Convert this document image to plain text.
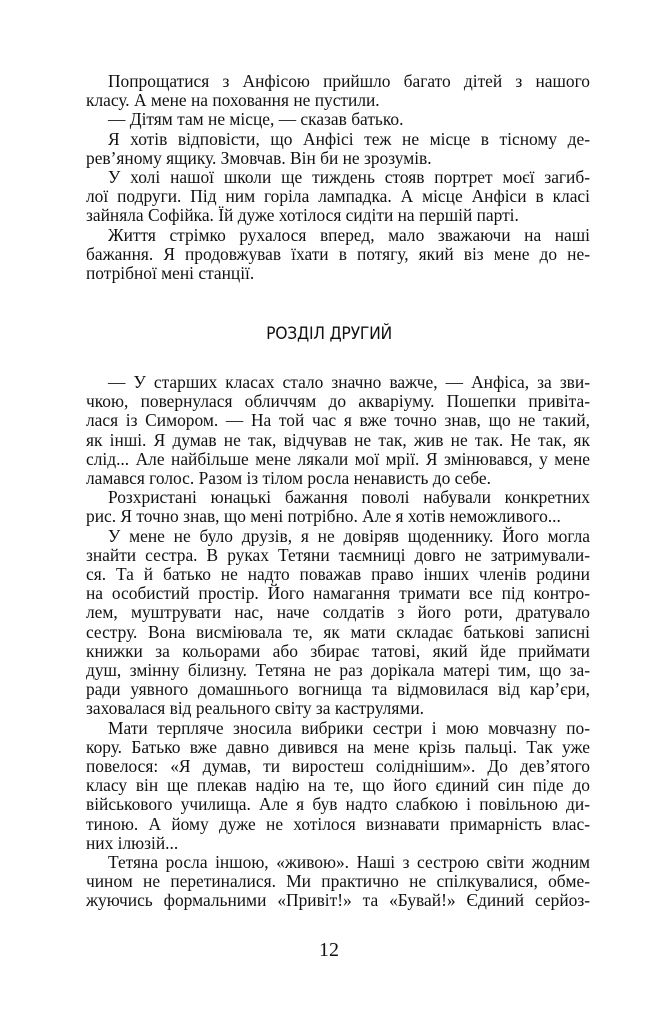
Попрощатися з Анфісою прийшло багато дітей з нашого
класу. А мене на поховання не пустили.
— Дітям там не місце, — сказав батько.
Я хотів відповісти, що Анфісі теж не місце в тісному де-
рев’яному ящику. Змовчав. Він би не зрозумів.
У холі нашої школи ще тиждень стояв портрет моєї загиб-
лої подруги. Під ним горіла лампадка. А місце Анфіси в класі
зайняла Софійка. Їй дуже хотілося сидіти на першій парті.
Життя стрімко рухалося вперед, мало зважаючи на наші
бажання. Я продовжував їхати в потягу, який віз мене до не-
потрібної мені станції.
РОЗДІЛ ДРУГИЙ
— У старших класах стало значно важче, — Анфіса, за зви-
чкою, повернулася обличчям до акваріуму. Пошепки привіта-
лася із Симором. — На той час я вже точно знав, що не такий,
як інші. Я думав не так, відчував не так, жив не так. Не так, як
слід... Але найбільше мене лякали мої мрії. Я змінювався, у мене
ламався голос. Разом із тілом росла ненависть до себе.
Розхристані юнацькі бажання поволі набували конкретних
рис. Я точно знав, що мені потрібно. Але я хотів неможливого...
У мене не було друзів, я не довіряв щоденнику. Його могла
знайти сестра. В руках Тетяни таємниці довго не затримували-
ся. Та й батько не надто поважав право інших членів родини
на особистий простір. Його намагання тримати все під контро-
лем, муштрувати нас, наче солдатів з його роти, дратувало
сестру. Вона висміювала те, як мати складає батькові записні
книжки за кольорами або збирає татові, який йде приймати
душ, змінну білизну. Тетяна не раз дорікала матері тим, що за-
ради уявного домашнього вогнища та відмовилася від кар’єри,
заховалася від реального світу за каструлями.
Мати терпляче зносила вибрики сестри і мою мовчазну по-
кору. Батько вже давно дивився на мене крізь пальці. Так уже
повелося: «Я думав, ти виростеш соліднішим». До дев’ятого
класу він ще плекав надію на те, що його єдиний син піде до
військового училища. Але я був надто слабкою і повільною ди-
тиною. А йому дуже не хотілося визнавати примарність влас-
них ілюзій...
Тетяна росла іншою, «живою». Наші з сестрою світи жодним
чином не перетиналися. Ми практично не спілкувалися, обме-
жуючись формальними «Привіт!» та «Бувай!» Єдиний серйоз-
12
